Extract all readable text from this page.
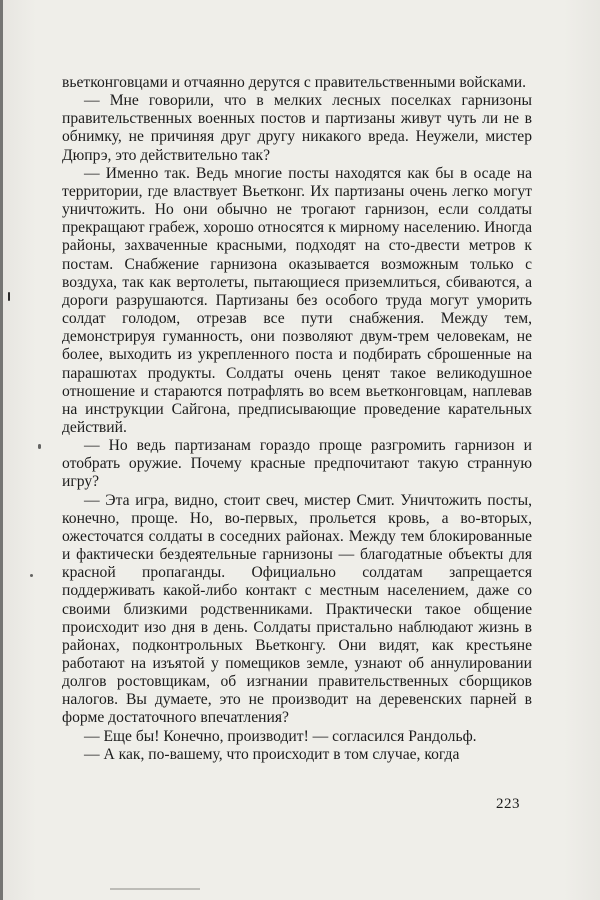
вьетконговцами и отчаянно дерутся с правительственными войсками.

— Мне говорили, что в мелких лесных поселках гарнизоны правительственных военных постов и партизаны живут чуть ли не в обнимку, не причиняя друг другу никакого вреда. Неужели, мистер Дюпрэ, это действительно так?

— Именно так. Ведь многие посты находятся как бы в осаде на территории, где властвует Вьетконг. Их партизаны очень легко могут уничтожить. Но они обычно не трогают гарнизон, если солдаты прекращают грабеж, хорошо относятся к мирному населению. Иногда районы, захваченные красными, подходят на сто-двести метров к постам. Снабжение гарнизона оказывается возможным только с воздуха, так как вертолеты, пытающиеся приземлиться, сбиваются, а дороги разрушаются. Партизаны без особого труда могут уморить солдат голодом, отрезав все пути снабжения. Между тем, демонстрируя гуманность, они позволяют двум-трем человекам, не более, выходить из укрепленного поста и подбирать сброшенные на парашютах продукты. Солдаты очень ценят такое великодушное отношение и стараются потрафлять во всем вьетконговцам, наплевав на инструкции Сайгона, предписывающие проведение карательных действий.

— Но ведь партизанам гораздо проще разгромить гарнизон и отобрать оружие. Почему красные предпочитают такую странную игру?

— Эта игра, видно, стоит свеч, мистер Смит. Уничтожить посты, конечно, проще. Но, во-первых, прольется кровь, а во-вторых, ожесточатся солдаты в соседних районах. Между тем блокированные и фактически бездеятельные гарнизоны — благодатные объекты для красной пропаганды. Официально солдатам запрещается поддерживать какой-либо контакт с местным населением, даже со своими близкими родственниками. Практически такое общение происходит изо дня в день. Солдаты пристально наблюдают жизнь в районах, подконтрольных Вьетконгу. Они видят, как крестьяне работают на изъятой у помещиков земле, узнают об аннулировании долгов ростовщикам, об изгнании правительственных сборщиков налогов. Вы думаете, это не производит на деревенских парней в форме достаточного впечатления?

— Еще бы! Конечно, производит! — согласился Рандольф.

— А как, по-вашему, что происходит в том случае, когда

223
